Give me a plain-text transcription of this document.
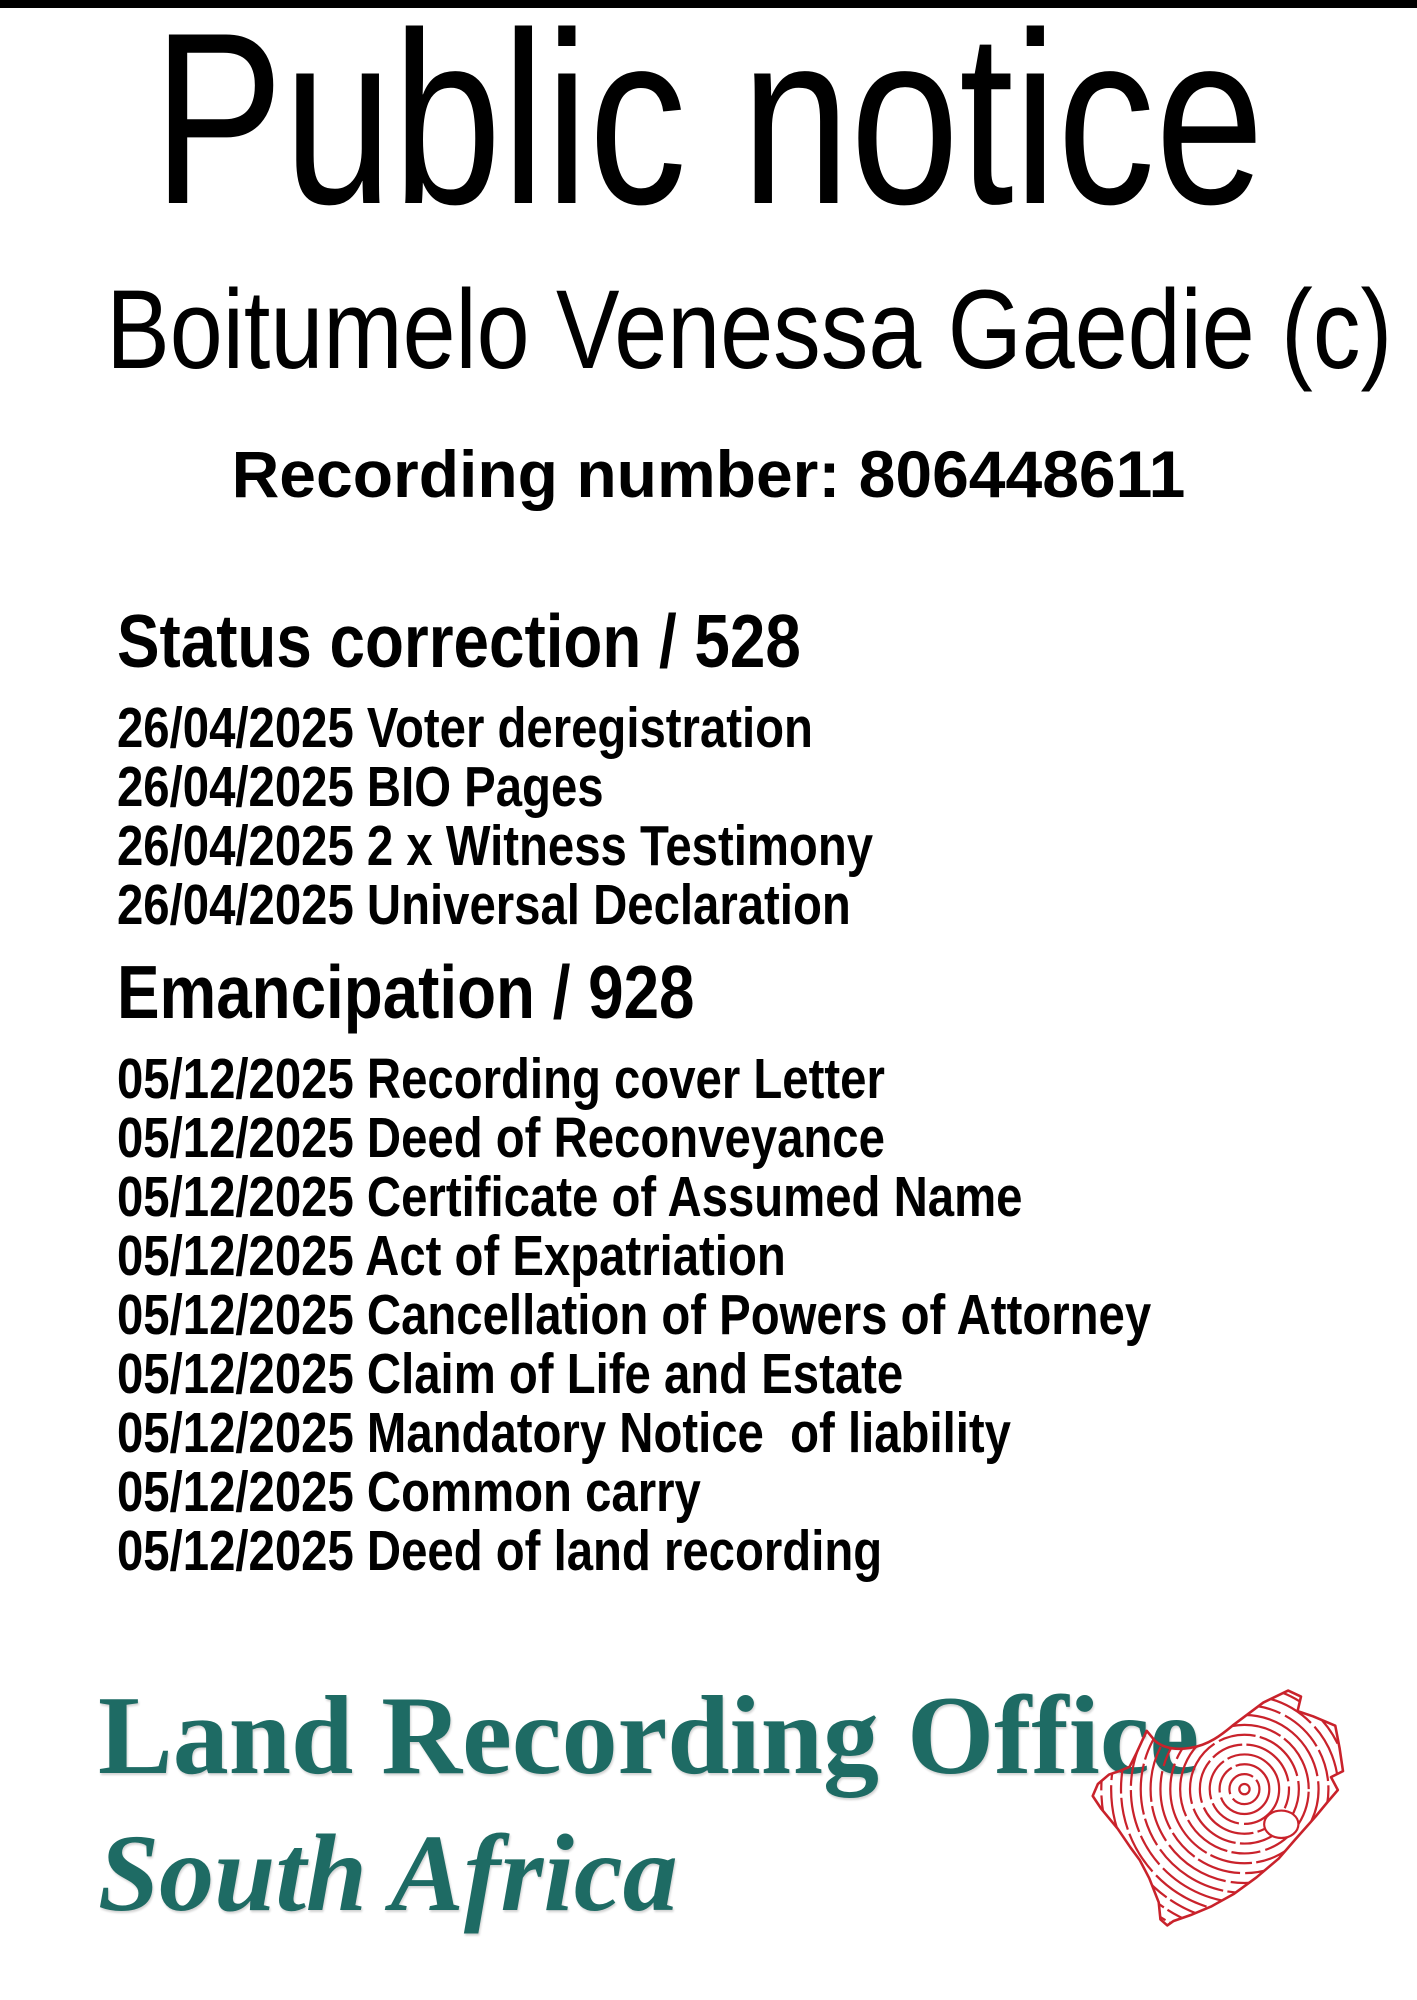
Public notice
Boitumelo Venessa Gaedie (c)
Recording number: 806448611
Status correction / 528
26/04/2025 Voter deregistration
26/04/2025 BIO Pages
26/04/2025 2 x Witness Testimony
26/04/2025 Universal Declaration
Emancipation / 928
05/12/2025 Recording cover Letter
05/12/2025 Deed of Reconveyance
05/12/2025 Certificate of Assumed Name
05/12/2025 Act of Expatriation
05/12/2025 Cancellation of Powers of Attorney
05/12/2025 Claim of Life and Estate
05/12/2025 Mandatory Notice  of liability
05/12/2025 Common carry
05/12/2025 Deed of land recording
Land Recording Office
South Africa
